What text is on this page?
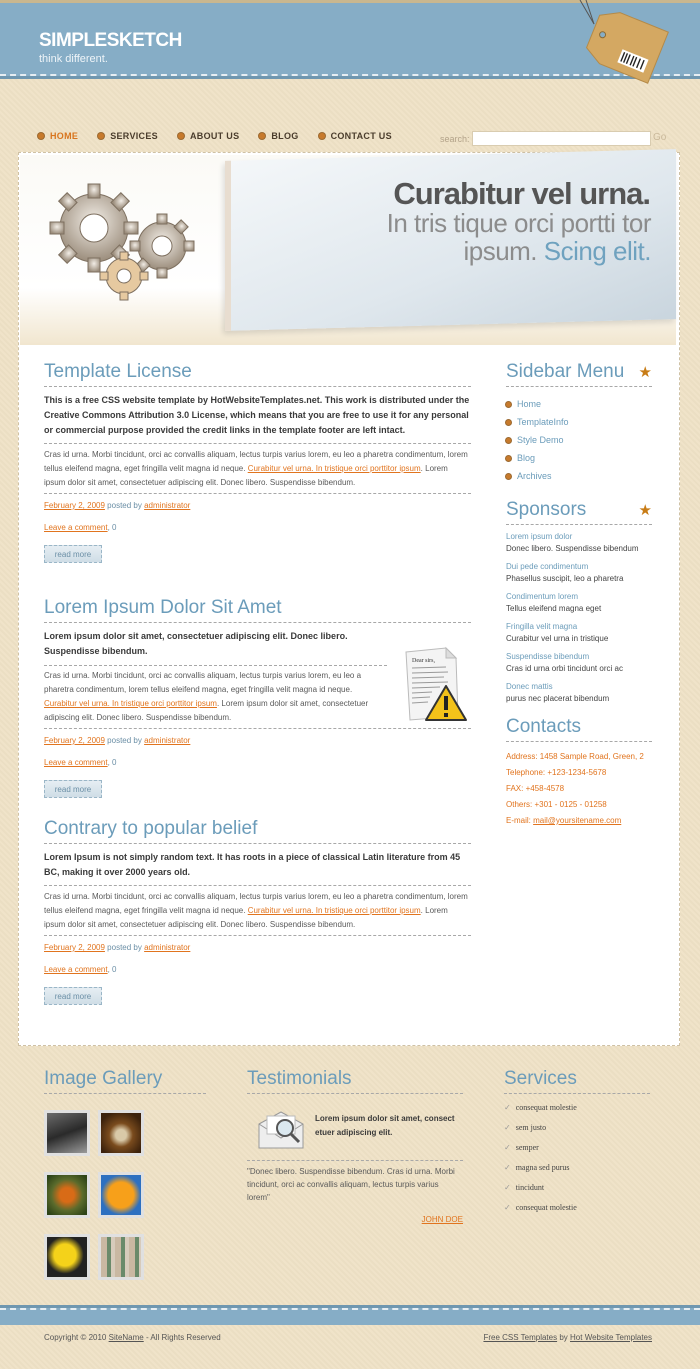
SIMPLESKETCH
think different.
HOME	SERVICES	ABOUT US	BLOG	CONTACT US	search:	Go
Curabitur vel urna.
In tris tique orci portti tor
ipsum. Scing elit.
Template License
This is a free CSS website template by HotWebsiteTemplates.net. This work is distributed under the Creative Commons Attribution 3.0 License, which means that you are free to use it for any personal or commercial purpose provided the credit links in the template footer are left intact.
Cras id urna. Morbi tincidunt, orci ac convallis aliquam, lectus turpis varius lorem, eu leo a pharetra condimentum, lorem tellus eleifend magna, eget fringilla velit magna id neque. Curabitur vel urna. In tristique orci porttitor ipsum. Lorem ipsum dolor sit amet, consectetuer adipiscing elit. Donec libero. Suspendisse bibendum.
February 2, 2009 posted by administrator
Leave a comment, 0
read more
Lorem Ipsum Dolor Sit Amet
Lorem ipsum dolor sit amet, consectetuer adipiscing elit. Donec libero. Suspendisse bibendum.
Cras id urna. Morbi tincidunt, orci ac convallis aliquam, lectus turpis varius lorem, eu leo a pharetra condimentum, lorem tellus eleifend magna, eget fringilla velit magna id neque. Curabitur vel urna. In tristique orci porttitor ipsum. Lorem ipsum dolor sit amet, consectetuer adipiscing elit. Donec libero. Suspendisse bibendum.
February 2, 2009 posted by administrator
Leave a comment, 0
read more
Dear sirs,
Contrary to popular belief
Lorem Ipsum is not simply random text. It has roots in a piece of classical Latin literature from 45 BC, making it over 2000 years old.
Cras id urna. Morbi tincidunt, orci ac convallis aliquam, lectus turpis varius lorem, eu leo a pharetra condimentum, lorem tellus eleifend magna, eget fringilla velit magna id neque. Curabitur vel urna. In tristique orci porttitor ipsum. Lorem ipsum dolor sit amet, consectetuer adipiscing elit. Donec libero. Suspendisse bibendum.
February 2, 2009 posted by administrator
Leave a comment, 0
read more
Sidebar Menu ★
Home
TemplateInfo
Style Demo
Blog
Archives
Sponsors	★
Lorem ipsum dolor
Donec libero. Suspendisse bibendum
Dui pede condimentum
Phasellus suscipit, leo a pharetra
Condimentum lorem
Tellus eleifend magna eget
Fringilla velit magna
Curabitur vel urna in tristique
Suspendisse bibendum
Cras id urna orbi tincidunt orci ac
Donec mattis
purus nec placerat bibendum
Contacts
Address: 1458 Sample Road, Green, 2
Telephone: +123-1234-5678
FAX: +458-4578
Others: +301 - 0125 - 01258
E-mail: mail@yoursitename.com
Image Gallery	Testimonials
Lorem ipsum dolor sit amet, consect etuer adipiscing elit.
"Donec libero. Suspendisse bibendum. Cras id urna. Morbi tincidunt, orci ac convallis aliquam, lectus turpis varius lorem"
JOHN DOE
Services
✓ consequat molestie
✓ sem justo
✓ semper
✓ magna sed purus
✓ tincidunt
✓ consequat molestie
Copyright © 2010 SiteName - All Rights Reserved	Free CSS Templates by Hot Website Templates
